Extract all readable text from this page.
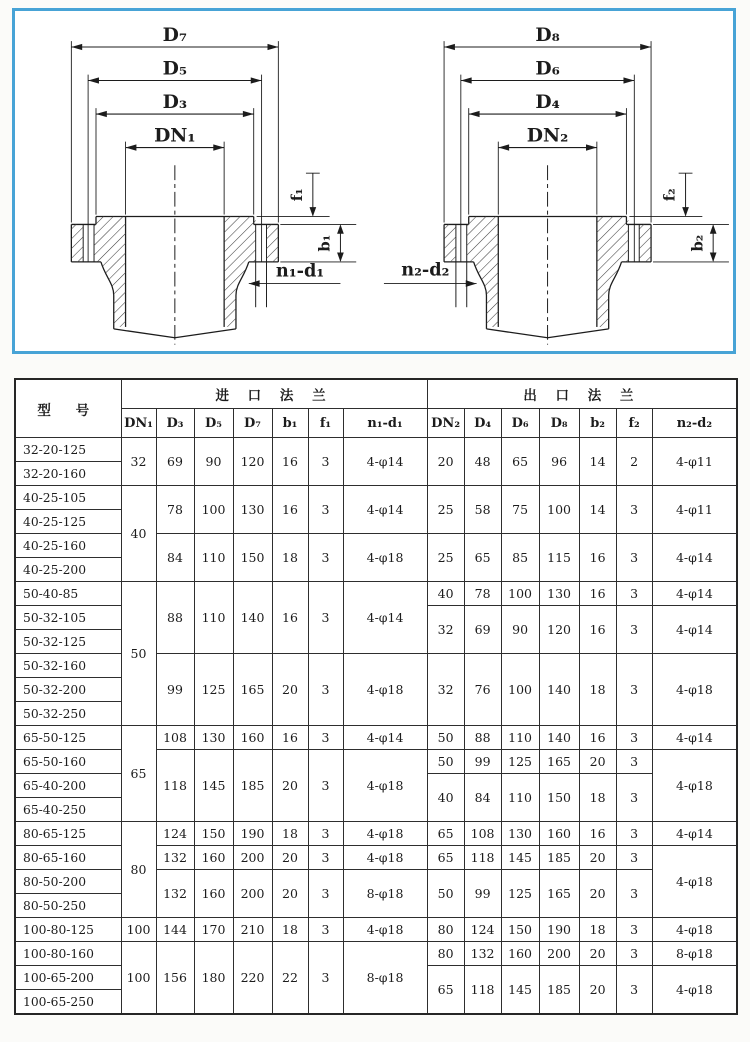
D₇
D₅
D₃
DN₁
f₁
b₁
n₁-d₁
D₈
D₆
D₄
DN₂
f₂
b₂
n₂-d₂
型 号	进 口 法 兰							出 口 法 兰						
	DN₁	D₃	D₅	D₇	b₁	f₁	n₁-d₁	DN₂	D₄	D₆	D₈	b₂	f₂	n₂-d₂
32-20-125	32	69	90	120	16	3	4-φ14	20	48	65	96	14	2	4-φ11
32-20-160														
40-25-105	40	78	100	130	16	3	4-φ14	25	58	75	100	14	3	4-φ11
40-25-125														
40-25-160		84	110	150	18	3	4-φ18	25	65	85	115	16	3	4-φ14
40-25-200														
50-40-85	50	88	110	140	16	3	4-φ14	40	78	100	130	16	3	4-φ14
50-32-105								32	69	90	120	16	3	4-φ14
50-32-125														
50-32-160		99	125	165	20	3	4-φ18	32	76	100	140	18	3	4-φ18
50-32-200														
50-32-250														
65-50-125	65	108	130	160	16	3	4-φ14	50	88	110	140	16	3	4-φ14
65-50-160		118	145	185	20	3	4-φ18	50	99	125	165	20	3	4-φ18
65-40-200								40	84	110	150	18	3	
65-40-250														
80-65-125	80	124	150	190	18	3	4-φ18	65	108	130	160	16	3	4-φ14
80-65-160		132	160	200	20	3	4-φ18	65	118	145	185	20	3	4-φ18
80-50-200		132	160	200	20	3	8-φ18	50	99	125	165	20	3	
80-50-250														
100-80-125	100	144	170	210	18	3	4-φ18	80	124	150	190	18	3	4-φ18
100-80-160	100	156	180	220	22	3	8-φ18	80	132	160	200	20	3	8-φ18
100-65-200								65	118	145	185	20	3	4-φ18
100-65-250														
